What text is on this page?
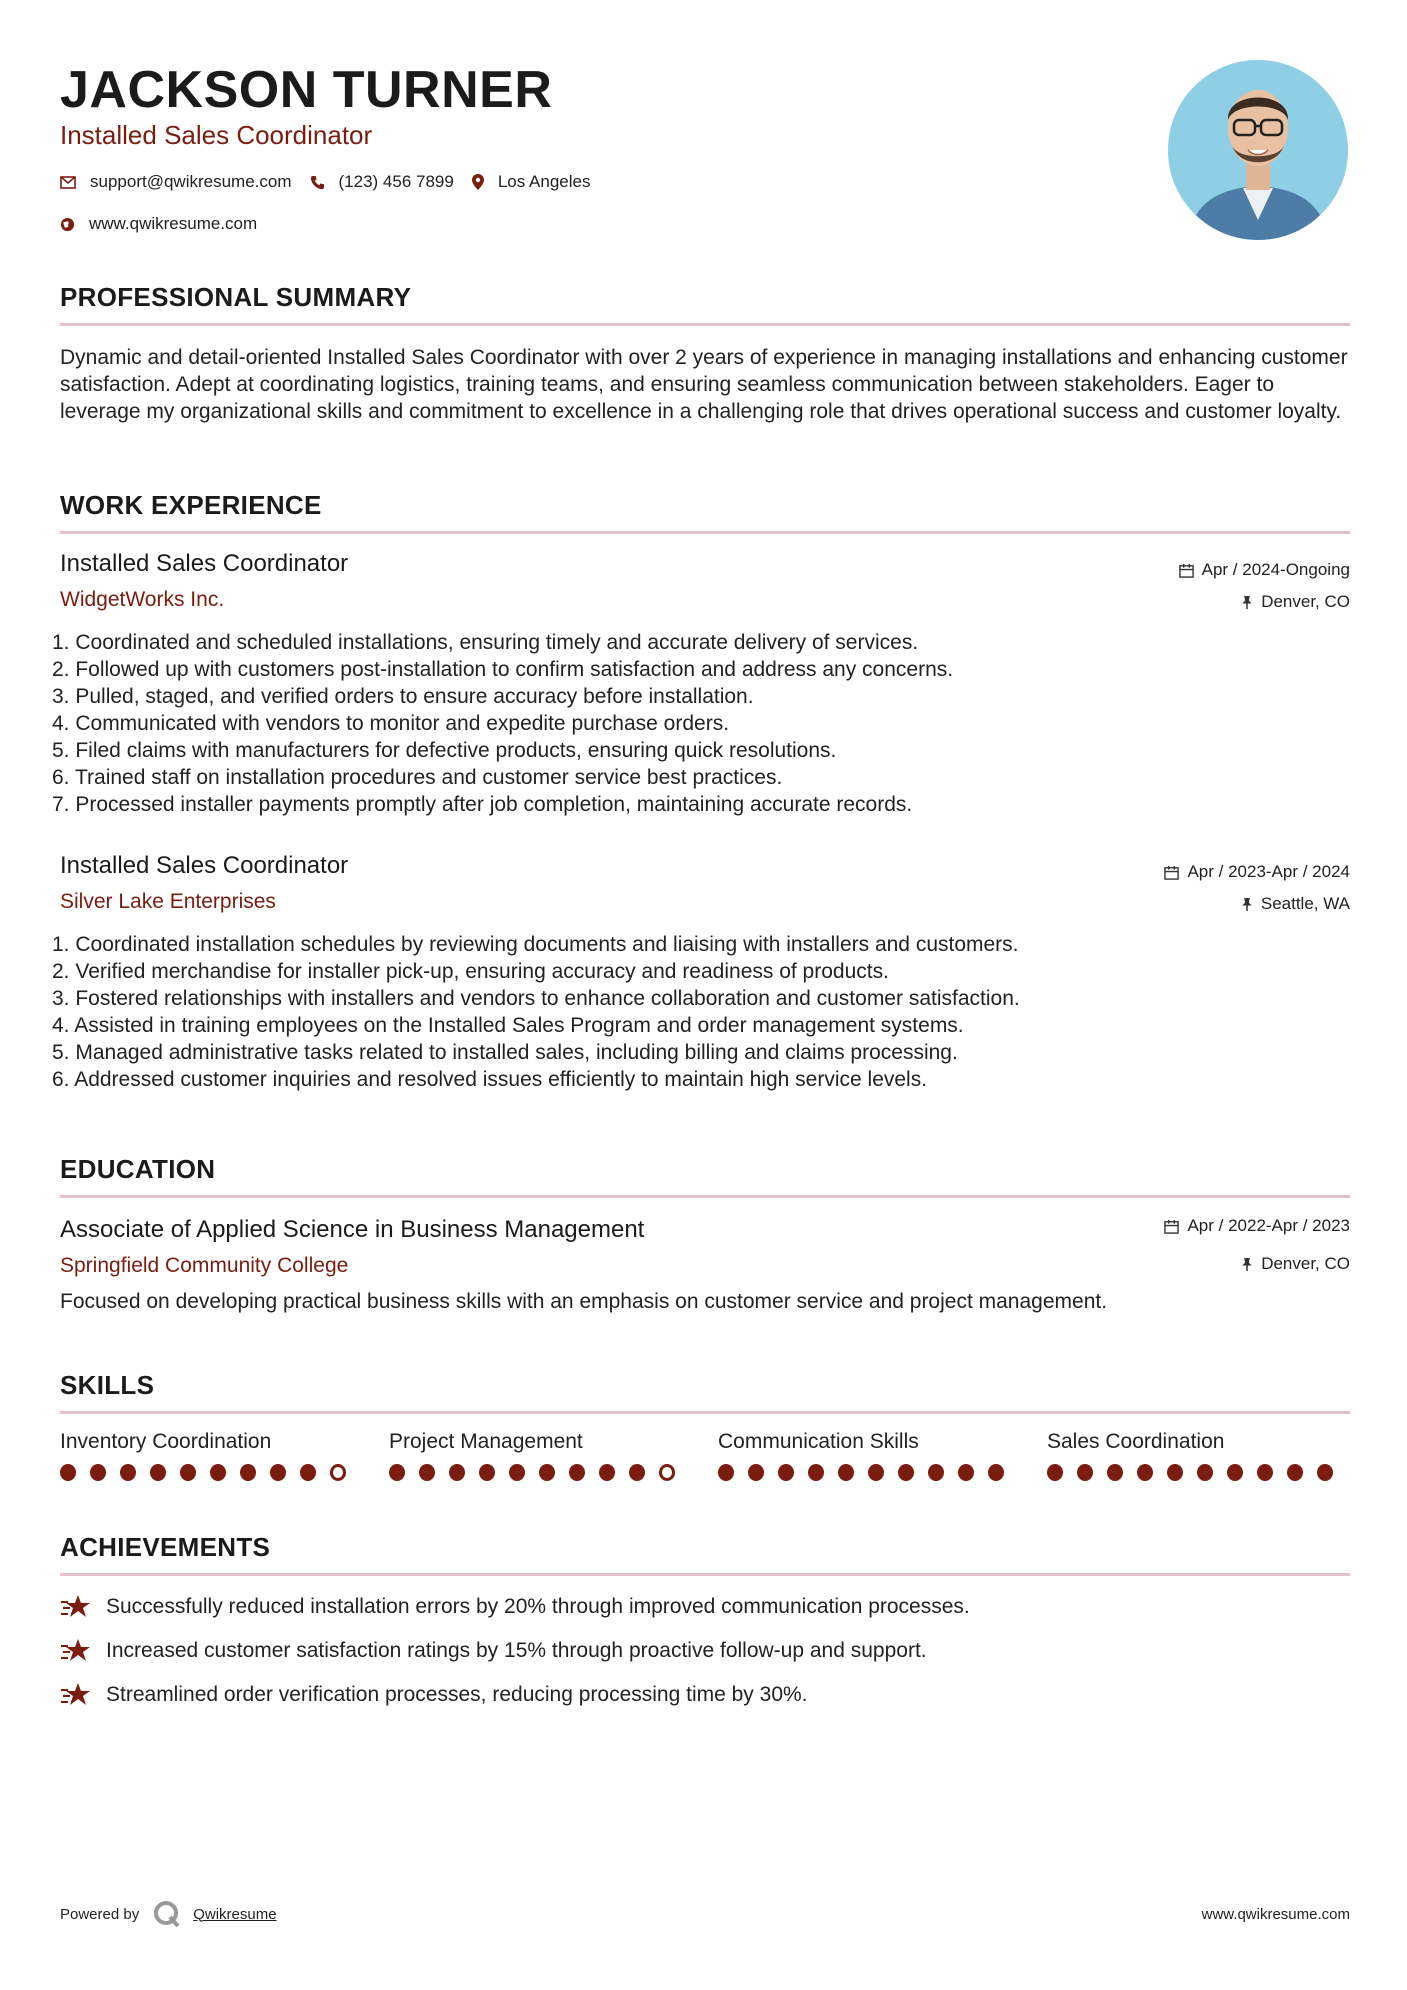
JACKSON TURNER
Installed Sales Coordinator
support@qwikresume.com	(123) 456 7899	Los Angeles
www.qwikresume.com
PROFESSIONAL SUMMARY
Dynamic and detail-oriented Installed Sales Coordinator with over 2 years of experience in managing installations and enhancing customer satisfaction. Adept at coordinating logistics, training teams, and ensuring seamless communication between stakeholders. Eager to leverage my organizational skills and commitment to excellence in a challenging role that drives operational success and customer loyalty.
WORK EXPERIENCE
Installed Sales Coordinator	Apr / 2024-Ongoing
WidgetWorks Inc.	Denver, CO
1. Coordinated and scheduled installations, ensuring timely and accurate delivery of services.
2. Followed up with customers post-installation to confirm satisfaction and address any concerns.
3. Pulled, staged, and verified orders to ensure accuracy before installation.
4. Communicated with vendors to monitor and expedite purchase orders.
5. Filed claims with manufacturers for defective products, ensuring quick resolutions.
6. Trained staff on installation procedures and customer service best practices.
7. Processed installer payments promptly after job completion, maintaining accurate records.
Installed Sales Coordinator	Apr / 2023-Apr / 2024
Silver Lake Enterprises	Seattle, WA
1. Coordinated installation schedules by reviewing documents and liaising with installers and customers.
2. Verified merchandise for installer pick-up, ensuring accuracy and readiness of products.
3. Fostered relationships with installers and vendors to enhance collaboration and customer satisfaction.
4. Assisted in training employees on the Installed Sales Program and order management systems.
5. Managed administrative tasks related to installed sales, including billing and claims processing.
6. Addressed customer inquiries and resolved issues efficiently to maintain high service levels.
EDUCATION
Associate of Applied Science in Business Management	Apr / 2022-Apr / 2023
Springfield Community College	Denver, CO
Focused on developing practical business skills with an emphasis on customer service and project management.
SKILLS
Inventory Coordination	Project Management	Communication Skills	Sales Coordination
ACHIEVEMENTS
Successfully reduced installation errors by 20% through improved communication processes.
Increased customer satisfaction ratings by 15% through proactive follow-up and support.
Streamlined order verification processes, reducing processing time by 30%.
Powered by	Qwikresume	www.qwikresume.com
